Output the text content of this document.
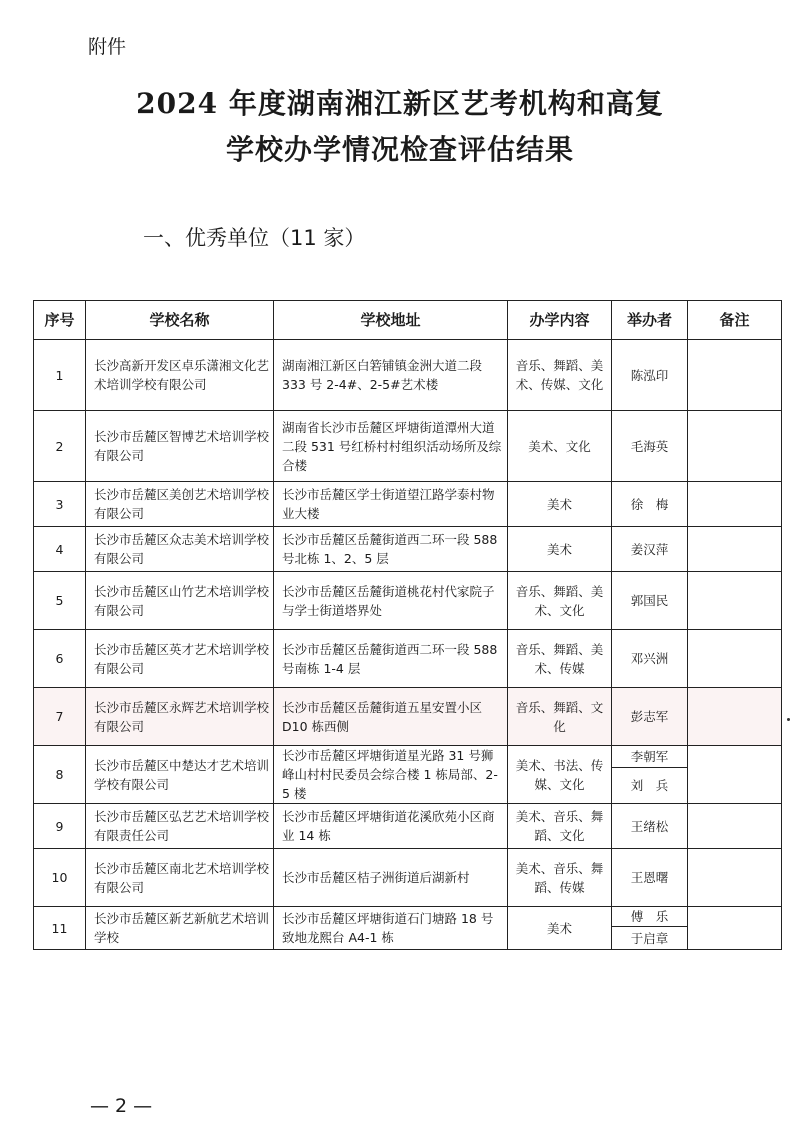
附件
2024 年度湖南湘江新区艺考机构和高复
学校办学情况检查评估结果
一、优秀单位（11 家）
序号	学校名称	学校地址	办学内容	举办者	备注
1	长沙高新开发区卓乐潇湘文化艺术培训学校有限公司	湖南湘江新区白箬铺镇金洲大道二段 333 号 2-4#、2-5#艺术楼	音乐、舞蹈、美术、传媒、文化	陈泓印	
2	长沙市岳麓区智博艺术培训学校有限公司	湖南省长沙市岳麓区坪塘街道潭州大道二段 531 号红桥村村组织活动场所及综合楼	美术、文化	毛海英	
3	长沙市岳麓区美创艺术培训学校有限公司	长沙市岳麓区学士街道望江路学泰村物业大楼	美术	徐　梅	
4	长沙市岳麓区众志美术培训学校有限公司	长沙市岳麓区岳麓街道西二环一段 588 号北栋 1、2、5 层	美术	姜汉萍	
5	长沙市岳麓区山竹艺术培训学校有限公司	长沙市岳麓区岳麓街道桃花村代家院子与学士街道塔界处	音乐、舞蹈、美术、文化	郭国民	
6	长沙市岳麓区英才艺术培训学校有限公司	长沙市岳麓区岳麓街道西二环一段 588 号南栋 1-4 层	音乐、舞蹈、美术、传媒	邓兴洲	
7	长沙市岳麓区永辉艺术培训学校有限公司	长沙市岳麓区岳麓街道五星安置小区 D10 栋西侧	音乐、舞蹈、文化	彭志军	
8	长沙市岳麓区中楚达才艺术培训学校有限公司	长沙市岳麓区坪塘街道星光路 31 号狮峰山村村民委员会综合楼 1 栋局部、2-5 楼	美术、书法、传媒、文化	李朝军	
				刘　兵	
9	长沙市岳麓区弘艺艺术培训学校有限责任公司	长沙市岳麓区坪塘街道花溪欣苑小区商业 14 栋	美术、音乐、舞蹈、文化	王绪松	
10	长沙市岳麓区南北艺术培训学校有限公司	长沙市岳麓区桔子洲街道后湖新村	美术、音乐、舞蹈、传媒	王恩曙	
11	长沙市岳麓区新艺新航艺术培训学校	长沙市岳麓区坪塘街道石门塘路 18 号致地龙熙台 A4-1 栋	美术	傅　乐	
				于启章	
— 2 —
